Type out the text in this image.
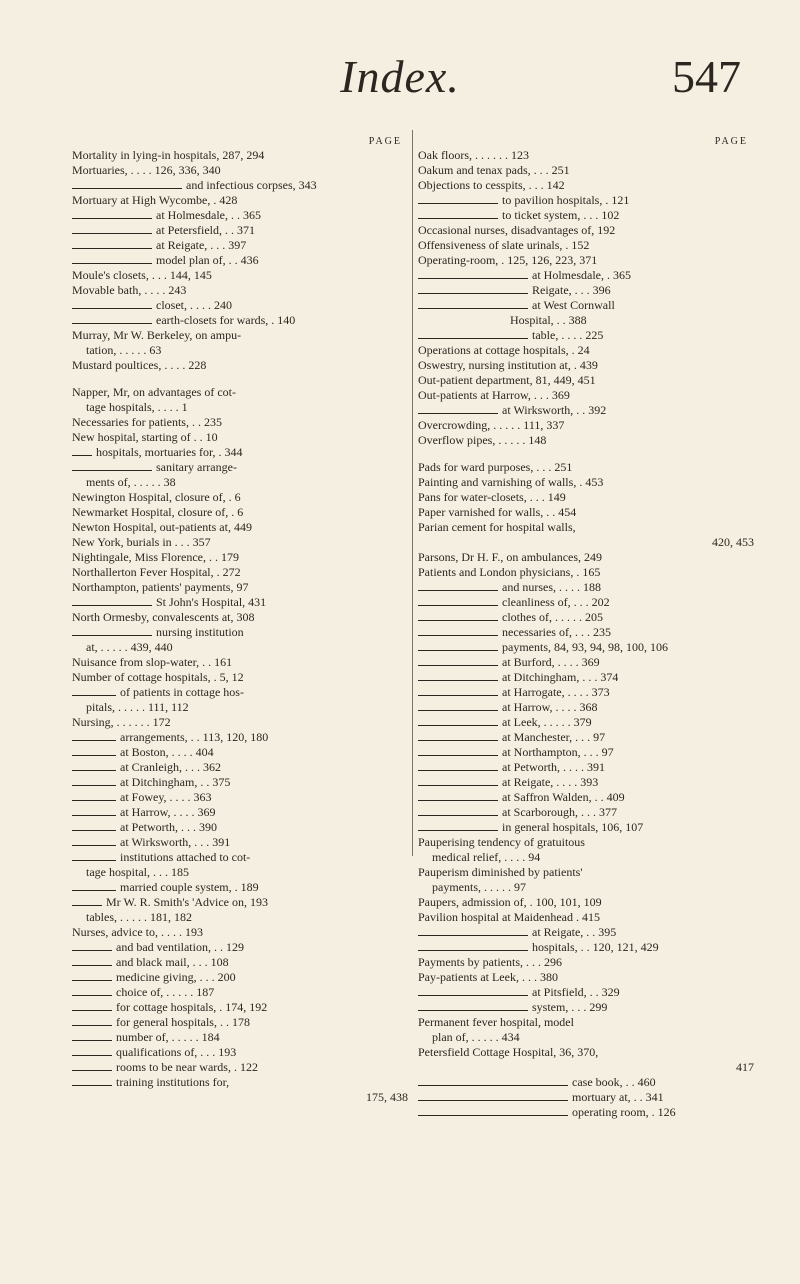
Index.	547
PAGE
Mortality in lying-in hospitals, 287, 294
Mortuaries, . . . . 126, 336, 340
and infectious corpses, 343
Mortuary at High Wycombe, . 428
at Holmesdale, . . 365
at Petersfield, . . 371
at Reigate, . . . 397
model plan of, . . 436
Moule's closets, . . . 144, 145
Movable bath, . . . . 243
closet, . . . . 240
earth-closets for wards, . 140
Murray, Mr W. Berkeley, on ampu-
tation, . . . . . 63
Mustard poultices, . . . . 228
Napper, Mr, on advantages of cot-
tage hospitals, . . . . 1
Necessaries for patients, . . 235
New hospital, starting of . . 10
hospitals, mortuaries for, . 344
sanitary arrange-
ments of, . . . . . 38
Newington Hospital, closure of, . 6
Newmarket Hospital, closure of, . 6
Newton Hospital, out-patients at, 449
New York, burials in . . . 357
Nightingale, Miss Florence, . . 179
Northallerton Fever Hospital, . 272
Northampton, patients' payments, 97
St John's Hospital, 431
North Ormesby, convalescents at, 308
nursing institution
at, . . . . . 439, 440
Nuisance from slop-water, . . 161
Number of cottage hospitals, . 5, 12
of patients in cottage hos-
pitals, . . . . . 111, 112
Nursing, . . . . . . 172
arrangements, . . 113, 120, 180
at Boston, . . . . 404
at Cranleigh, . . . 362
at Ditchingham, . . 375
at Fowey, . . . . 363
at Harrow, . . . . 369
at Petworth, . . . 390
at Wirksworth, . . . 391
institutions attached to cot-
tage hospital, . . . 185
married couple system, . 189
Mr W. R. Smith's 'Advice on, 193
tables, . . . . . 181, 182
Nurses, advice to, . . . . 193
and bad ventilation, . . 129
and black mail, . . . 108
medicine giving, . . . 200
choice of, . . . . . 187
for cottage hospitals, . 174, 192
for general hospitals, . . 178
number of, . . . . . 184
qualifications of, . . . 193
rooms to be near wards, . 122
training institutions for,
175, 438
PAGE
Oak floors, . . . . . . 123
Oakum and tenax pads, . . . 251
Objections to cesspits, . . . 142
to pavilion hospitals, . 121
to ticket system, . . . 102
Occasional nurses, disadvantages of, 192
Offensiveness of slate urinals, . 152
Operating-room, . 125, 126, 223, 371
at Holmesdale, . 365
Reigate, . . . 396
at West Cornwall
Hospital, . . 388
table, . . . . 225
Operations at cottage hospitals, . 24
Oswestry, nursing institution at, . 439
Out-patient department, 81, 449, 451
Out-patients at Harrow, . . . 369
at Wirksworth, . . 392
Overcrowding, . . . . . 111, 337
Overflow pipes, . . . . . 148
Pads for ward purposes, . . . 251
Painting and varnishing of walls, . 453
Pans for water-closets, . . . 149
Paper varnished for walls, . . 454
Parian cement for hospital walls,
420, 453
Parsons, Dr H. F., on ambulances, 249
Patients and London physicians, . 165
and nurses, . . . . 188
cleanliness of, . . . 202
clothes of, . . . . . 205
necessaries of, . . . 235
payments, 84, 93, 94, 98, 100, 106
at Burford, . . . . 369
at Ditchingham, . . . 374
at Harrogate, . . . . 373
at Harrow, . . . . 368
at Leek, . . . . . 379
at Manchester, . . . 97
at Northampton, . . . 97
at Petworth, . . . . 391
at Reigate, . . . . 393
at Saffron Walden, . . 409
at Scarborough, . . . 377
in general hospitals, 106, 107
Pauperising tendency of gratuitous
medical relief, . . . . 94
Pauperism diminished by patients'
payments, . . . . . 97
Paupers, admission of, . 100, 101, 109
Pavilion hospital at Maidenhead . 415
at Reigate, . . 395
hospitals, . . 120, 121, 429
Payments by patients, . . . 296
Pay-patients at Leek, . . . 380
at Pitsfield, . . 329
system, . . . 299
Permanent fever hospital, model
plan of, . . . . . 434
Petersfield Cottage Hospital, 36, 370,
417
case book, . . 460
mortuary at, . . 341
operating room, . 126
